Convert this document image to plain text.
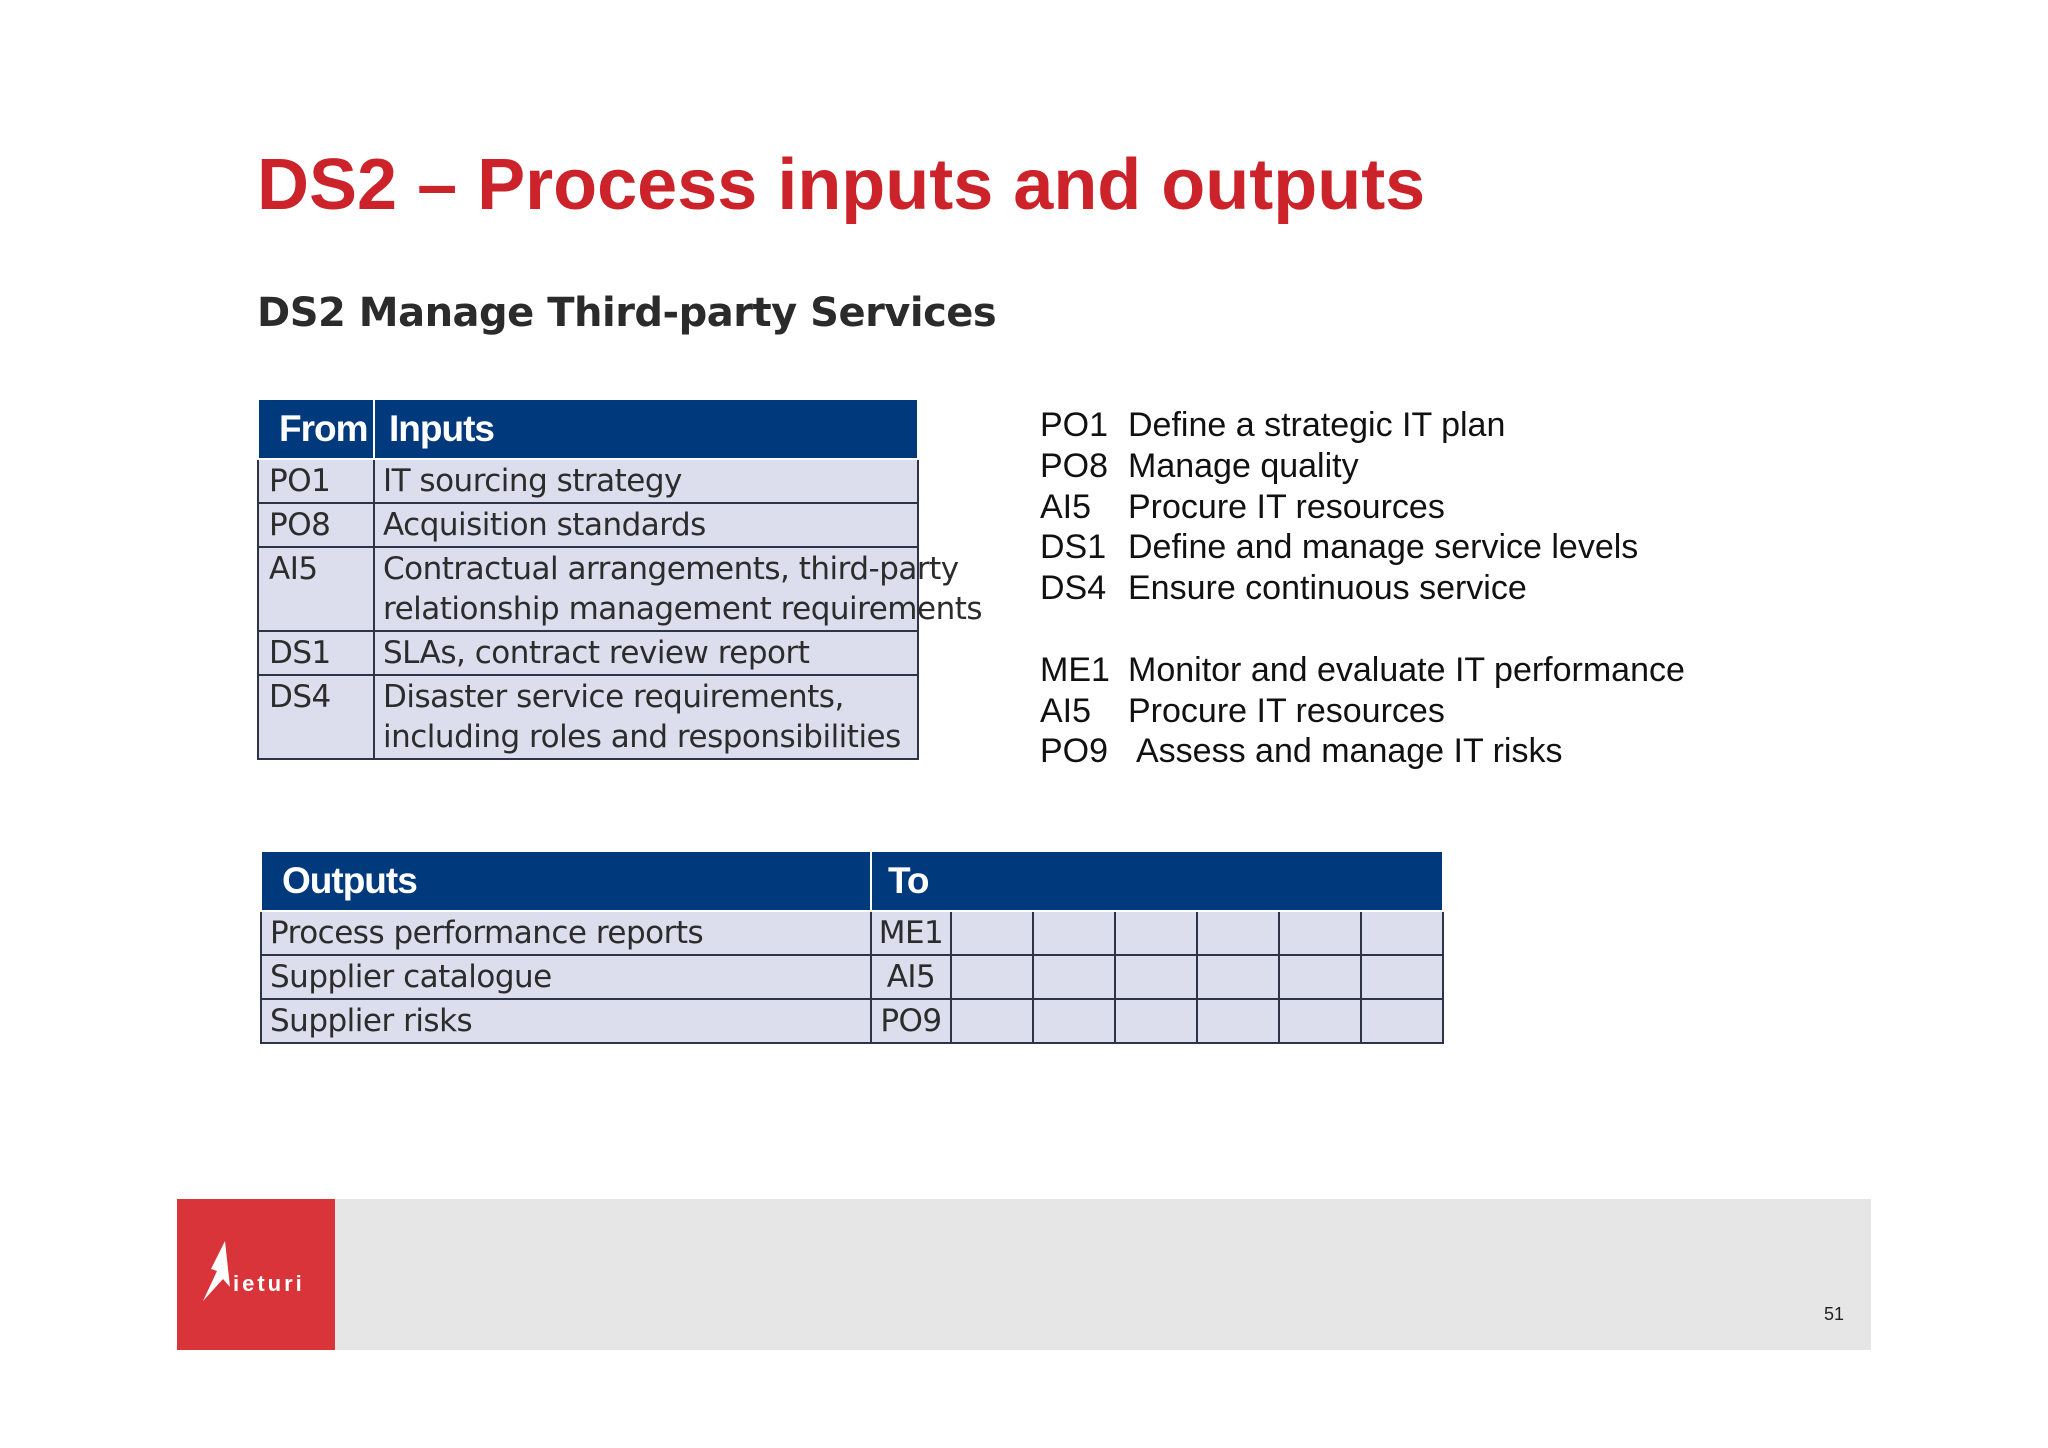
DS2 – Process inputs and outputs
DS2 Manage Third-party Services
From	Inputs
PO1	IT sourcing strategy
PO8	Acquisition standards
AI5	Contractual arrangements, third-party
relationship management requirements

DS1	SLAs, contract review report
DS4	Disaster service requirements,
including roles and responsibilities
PO1 Define a strategic IT plan
PO8 Manage quality
AI5	Procure IT resources
DS1 Define and manage service levels
DS4 Ensure continuous service
ME1 Monitor and evaluate IT performance
AI5	Procure IT resources
PO9 Assess and manage IT risks
Outputs	To						
Process performance reports	ME1						
Supplier catalogue	AI5						
Supplier risks	PO9						
ieturi
51
